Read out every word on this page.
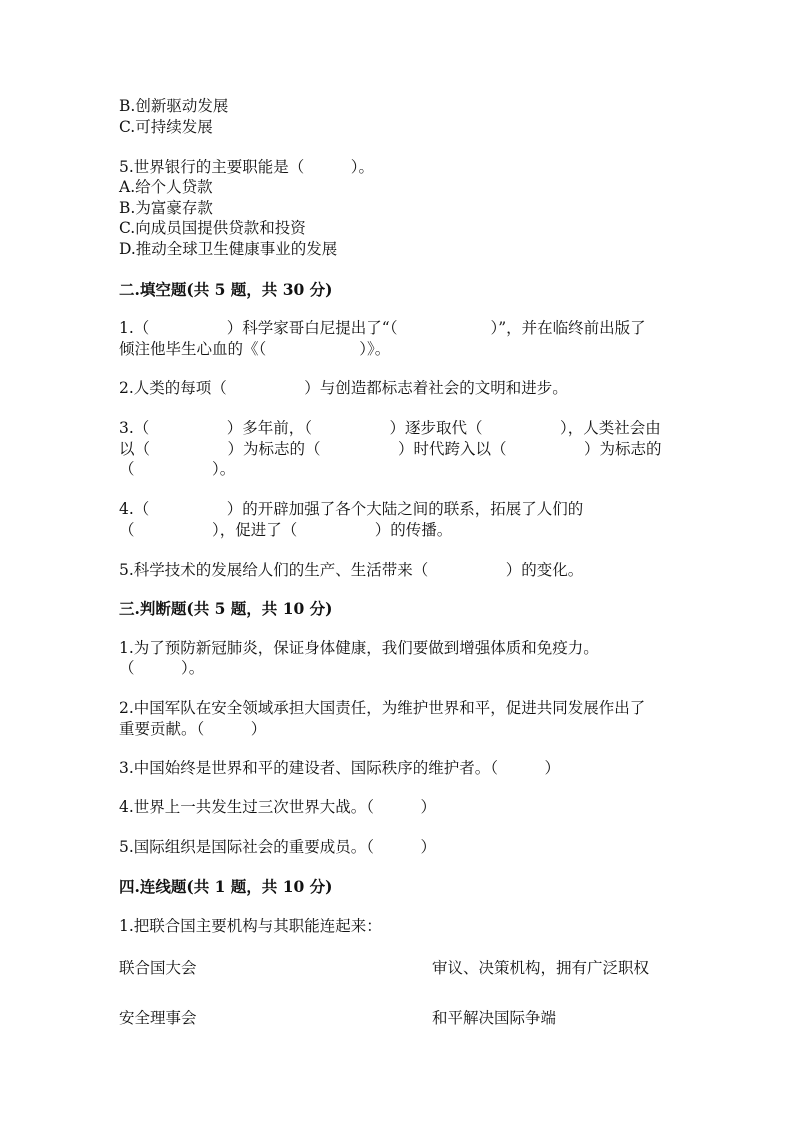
B.创新驱动发展
C.可持续发展
5.世界银行的主要职能是（　　　）。
A.给个人贷款
B.为富豪存款
C.向成员国提供贷款和投资
D.推动全球卫生健康事业的发展
二.填空题(共 5 题，共 30 分)
1.（　　　　　）科学家哥白尼提出了“（　　　　　　）”，并在临终前出版了
倾注他毕生心血的《（　　　　　　）》。
2.人类的每项（　　　　　）与创造都标志着社会的文明和进步。
3.（　　　　　）多年前，（　　　　　）逐步取代（　　　　　），人类社会由
以（　　　　　）为标志的（　　　　　）时代跨入以（　　　　　）为标志的
（　　　　　）。
4.（　　　　　）的开辟加强了各个大陆之间的联系，拓展了人们的
（　　　　　），促进了（　　　　　）的传播。
5.科学技术的发展给人们的生产、生活带来（　　　　　）的变化。
三.判断题(共 5 题，共 10 分)
1.为了预防新冠肺炎，保证身体健康，我们要做到增强体质和免疫力。
（　　　）。
2.中国军队在安全领域承担大国责任，为维护世界和平，促进共同发展作出了
重要贡献。（　　　）
3.中国始终是世界和平的建设者、国际秩序的维护者。（　　　）
4.世界上一共发生过三次世界大战。（　　　）
5.国际组织是国际社会的重要成员。（　　　）
四.连线题(共 1 题，共 10 分)
1.把联合国主要机构与其职能连起来：
联合国大会	审议、决策机构，拥有广泛职权
安全理事会	和平解决国际争端
